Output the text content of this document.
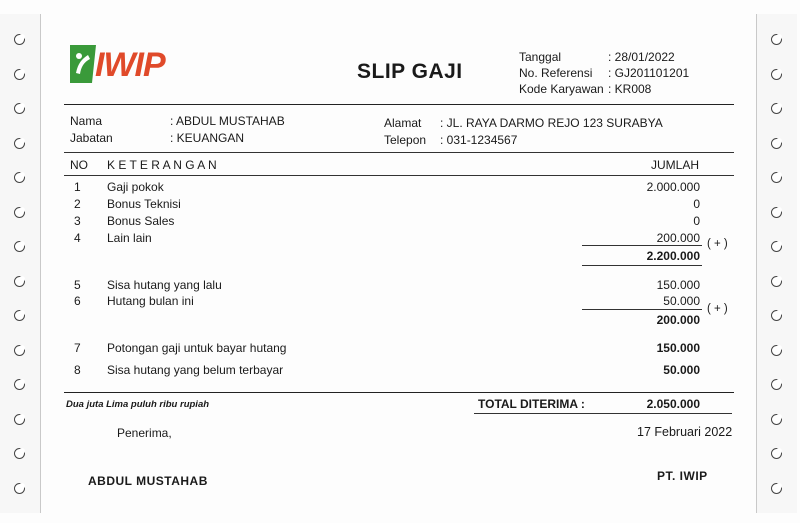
IWIP	SLIP GAJI
Tanggal	: 28/01/2022
No. Referensi : GJ201101201
Kode Karyawan : KR008
Nama	: ABDUL MUSTAHAB
Jabatan	: KEUANGAN
Alamat : JL. RAYA DARMO REJO 123 SURABYA
Telepon : 031-1234567
NO K E T E R A N G A N	JUMLAH
1 Gaji pokok	2.000.000
2 Bonus Teknisi	0
3 Bonus Sales	0
4 Lain lain	200.000 ( + )
2.200.000
5 Sisa hutang yang lalu	150.000
6 Hutang bulan ini	50.000
( + )
200.000
7 Potongan gaji untuk bayar hutang	150.000
8 Sisa hutang yang belum terbayar	50.000
Dua juta Lima puluh ribu rupiah	TOTAL DITERIMA :	2.050.000
Penerima,	17 Februari 2022
ABDUL MUSTAHAB	PT. IWIP
